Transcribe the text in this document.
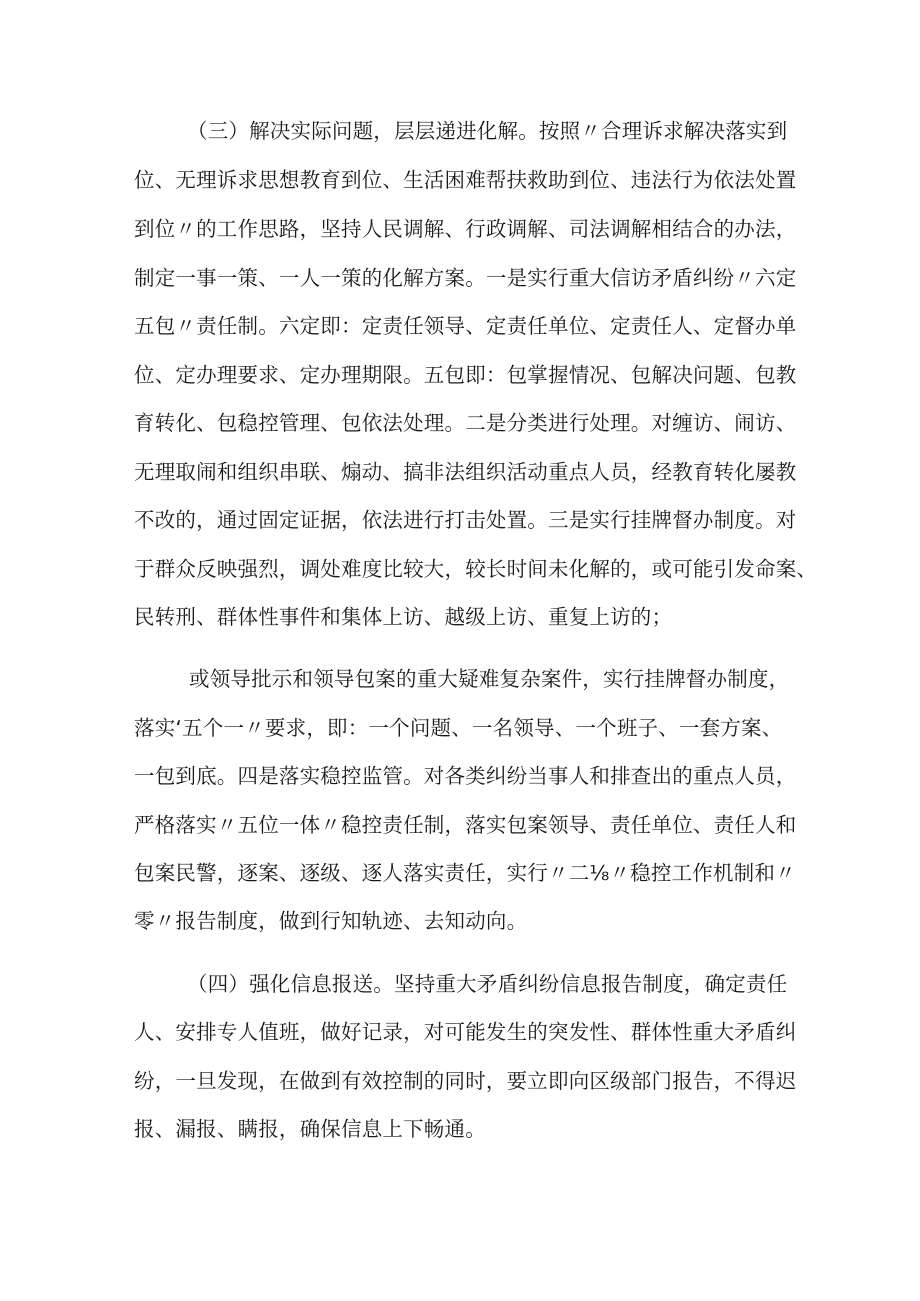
（三）解决实际问题，层层递进化解。按照〃合理诉求解决落实到
位、无理诉求思想教育到位、生活困难帮扶救助到位、违法行为依法处置
到位〃的工作思路，坚持人民调解、行政调解、司法调解相结合的办法，
制定一事一策、一人一策的化解方案。一是实行重大信访矛盾纠纷〃六定
五包〃责任制。六定即：定责任领导、定责任单位、定责任人、定督办单
位、定办理要求、定办理期限。五包即：包掌握情况、包解决问题、包教
育转化、包稳控管理、包依法处理。二是分类进行处理。对缠访、闹访、
无理取闹和组织串联、煽动、搞非法组织活动重点人员，经教育转化屡教
不改的，通过固定证据，依法进行打击处置。三是实行挂牌督办制度。对
于群众反映强烈，调处难度比较大，较长时间未化解的，或可能引发命案、
民转刑、群体性事件和集体上访、越级上访、重复上访的；
或领导批示和领导包案的重大疑难复杂案件，实行挂牌督办制度，
落实‘五个一〃要求，即：一个问题、一名领导、一个班子、一套方案、
一包到底。四是落实稳控监管。对各类纠纷当事人和排查出的重点人员，
严格落实〃五位一体〃稳控责任制，落实包案领导、责任单位、责任人和
包案民警，逐案、逐级、逐人落实责任，实行〃二⅛〃稳控工作机制和〃
零〃报告制度，做到行知轨迹、去知动向。
（四）强化信息报送。坚持重大矛盾纠纷信息报告制度，确定责任
人、安排专人值班，做好记录，对可能发生的突发性、群体性重大矛盾纠
纷，一旦发现，在做到有效控制的同时，要立即向区级部门报告，不得迟
报、漏报、瞒报，确保信息上下畅通。
